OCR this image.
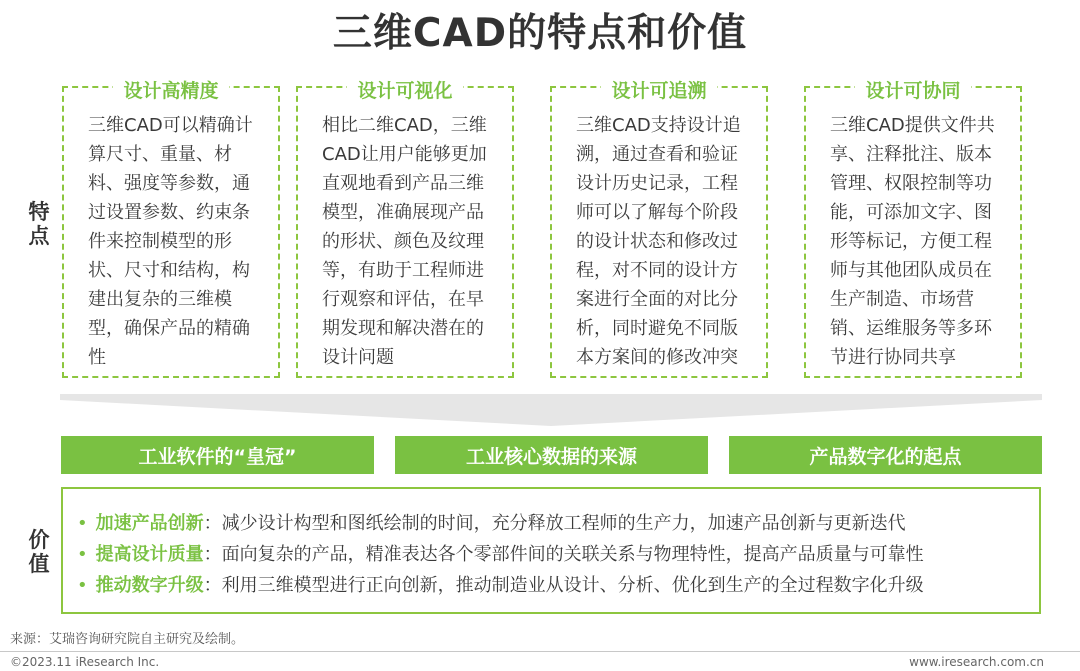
三维CAD的特点和价值
特点
价值
设计高精度
三维CAD可以精确计算尺寸、重量、材料、强度等参数，通过设置参数、约束条件来控制模型的形状、尺寸和结构，构建出复杂的三维模型，确保产品的精确性
设计可视化
相比二维CAD，三维CAD让用户能够更加直观地看到产品三维模型，准确展现产品的形状、颜色及纹理等，有助于工程师进行观察和评估，在早期发现和解决潜在的设计问题
设计可追溯
三维CAD支持设计追溯，通过查看和验证设计历史记录，工程师可以了解每个阶段的设计状态和修改过程，对不同的设计方案进行全面的对比分析，同时避免不同版本方案间的修改冲突
设计可协同
三维CAD提供文件共享、注释批注、版本管理、权限控制等功能，可添加文字、图形等标记，方便工程师与其他团队成员在生产制造、市场营销、运维服务等多环节进行协同共享
工业软件的“皇冠”	工业核心数据的来源	产品数字化的起点
• 加速产品创新：减少设计构型和图纸绘制的时间，充分释放工程师的生产力，加速产品创新与更新迭代
• 提高设计质量：面向复杂的产品，精准表达各个零部件间的关联关系与物理特性，提高产品质量与可靠性
• 推动数字升级：利用三维模型进行正向创新，推动制造业从设计、分析、优化到生产的全过程数字化升级
来源：艾瑞咨询研究院自主研究及绘制。
©2023.11 iResearch Inc.	www.iresearch.com.cn
